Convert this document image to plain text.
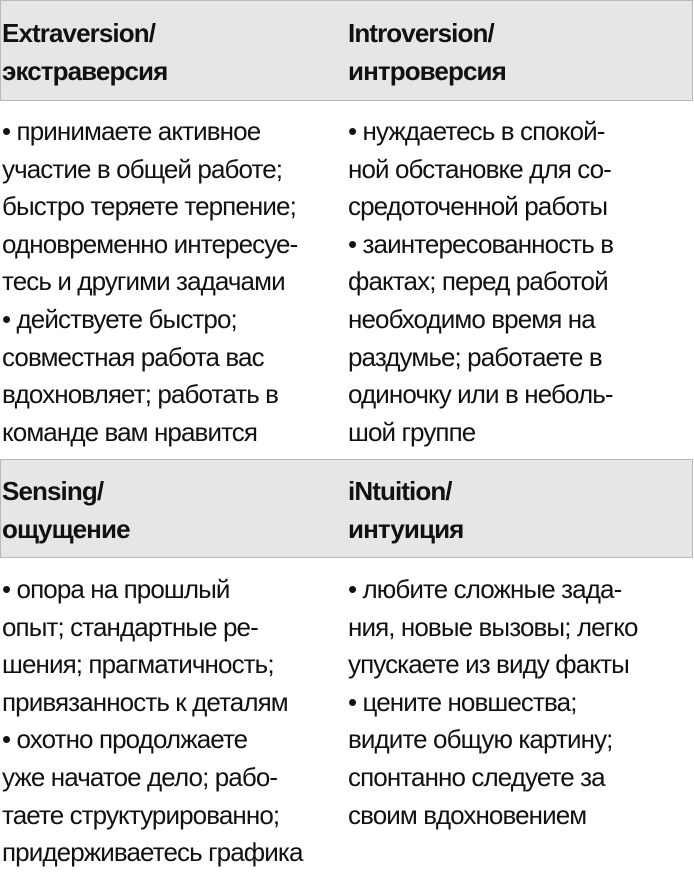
Extraversion/
экстраверсия
Introversion/
интроверсия
• принимаете активное
участие в общей работе;
быстро теряете терпение;
одновременно интересуе-
тесь и другими задачами
• действуете быстро;
совместная работа вас
вдохновляет; работать в
команде вам нравится
• нуждаетесь в спокой-
ной обстановке для со-
средоточенной работы
• заинтересованность в
фактах; перед работой
необходимо время на
раздумье; работаете в
одиночку или в неболь-
шой группе
Sensing/
ощущение
iNtuition/
интуиция
• опора на прошлый
опыт; стандартные ре-
шения; прагматичность;
привязанность к деталям
• охотно продолжаете
уже начатое дело; рабо-
таете структурированно;
придерживаетесь графика
• любите сложные зада-
ния, новые вызовы; легко
упускаете из виду факты
• цените новшества;
видите общую картину;
спонтанно следуете за
своим вдохновением
